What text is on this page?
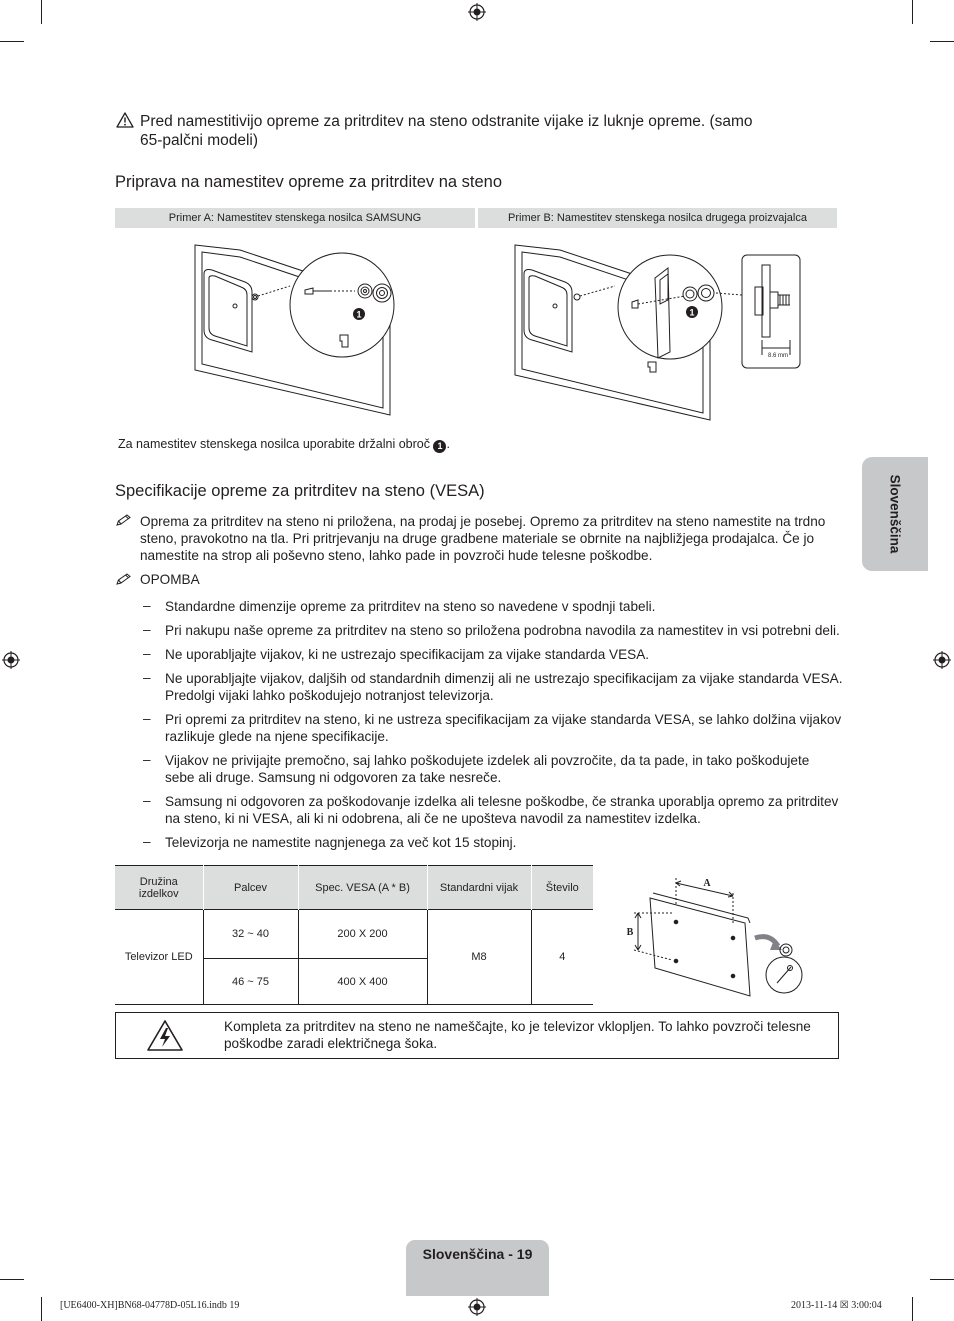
Pred namestitivijo opreme za pritrditev na steno odstranite vijake iz luknje opreme. (samo
65-palčni modeli)
Priprava na namestitev opreme za pritrditev na steno
Primer A: Namestitev stenskega nosilca SAMSUNG	Primer B: Namestitev stenskega nosilca drugega proizvajalca
1	1
8.6 mm
Za namestitev stenskega nosilca uporabite držalni obroč 1 .
Specifikacije opreme za pritrditev na steno (VESA)
Oprema za pritrditev na steno ni priložena, na prodaj je posebej. Opremo za pritrditev na steno namestite na trdno
steno, pravokotno na tla. Pri pritrjevanju na druge gradbene materiale se obrnite na najbližjega prodajalca. Če jo
namestite na strop ali poševno steno, lahko pade in povzroči hude telesne poškodbe.
OPOMBA
– Standardne dimenzije opreme za pritrditev na steno so navedene v spodnji tabeli.
– Pri nakupu naše opreme za pritrditev na steno so priložena podrobna navodila za namestitev in vsi potrebni deli.
– Ne uporabljajte vijakov, ki ne ustrezajo specifikacijam za vijake standarda VESA.
– Ne uporabljajte vijakov, daljših od standardnih dimenzij ali ne ustrezajo specifikacijam za vijake standarda VESA.
Predolgi vijaki lahko poškodujejo notranjost televizorja.
– Pri opremi za pritrditev na steno, ki ne ustreza specifikacijam za vijake standarda VESA, se lahko dolžina vijakov
razlikuje glede na njene specifikacije.
– Vijakov ne privijajte premočno, saj lahko poškodujete izdelek ali povzročite, da ta pade, in tako poškodujete
sebe ali druge. Samsung ni odgovoren za take nesreče.
– Samsung ni odgovoren za poškodovanje izdelka ali telesne poškodbe, če stranka uporablja opremo za pritrditev
na steno, ki ni VESA, ali ki ni odobrena, ali če ne upošteva navodil za namestitev izdelka.
– Televizorja ne namestite nagnjenega za več kot 15 stopinj.
Družina
izdelkov	Palcev	Spec. VESA (A * B)	Standardni vijak	Število
Televizor LED	32 ~ 40	200 X 200	M8	4
	46 ~ 75	400 X 400		

A
B
Kompleta za pritrditev na steno ne nameščajte, ko je televizor vklopljen. To lahko povzroči telesne
poškodbe zaradi električnega šoka.
Slovenščina
Slovenščina - 19
[UE6400-XH]BN68-04778D-05L16.indb 19	2013-11-14 ☒ 3:00:04
